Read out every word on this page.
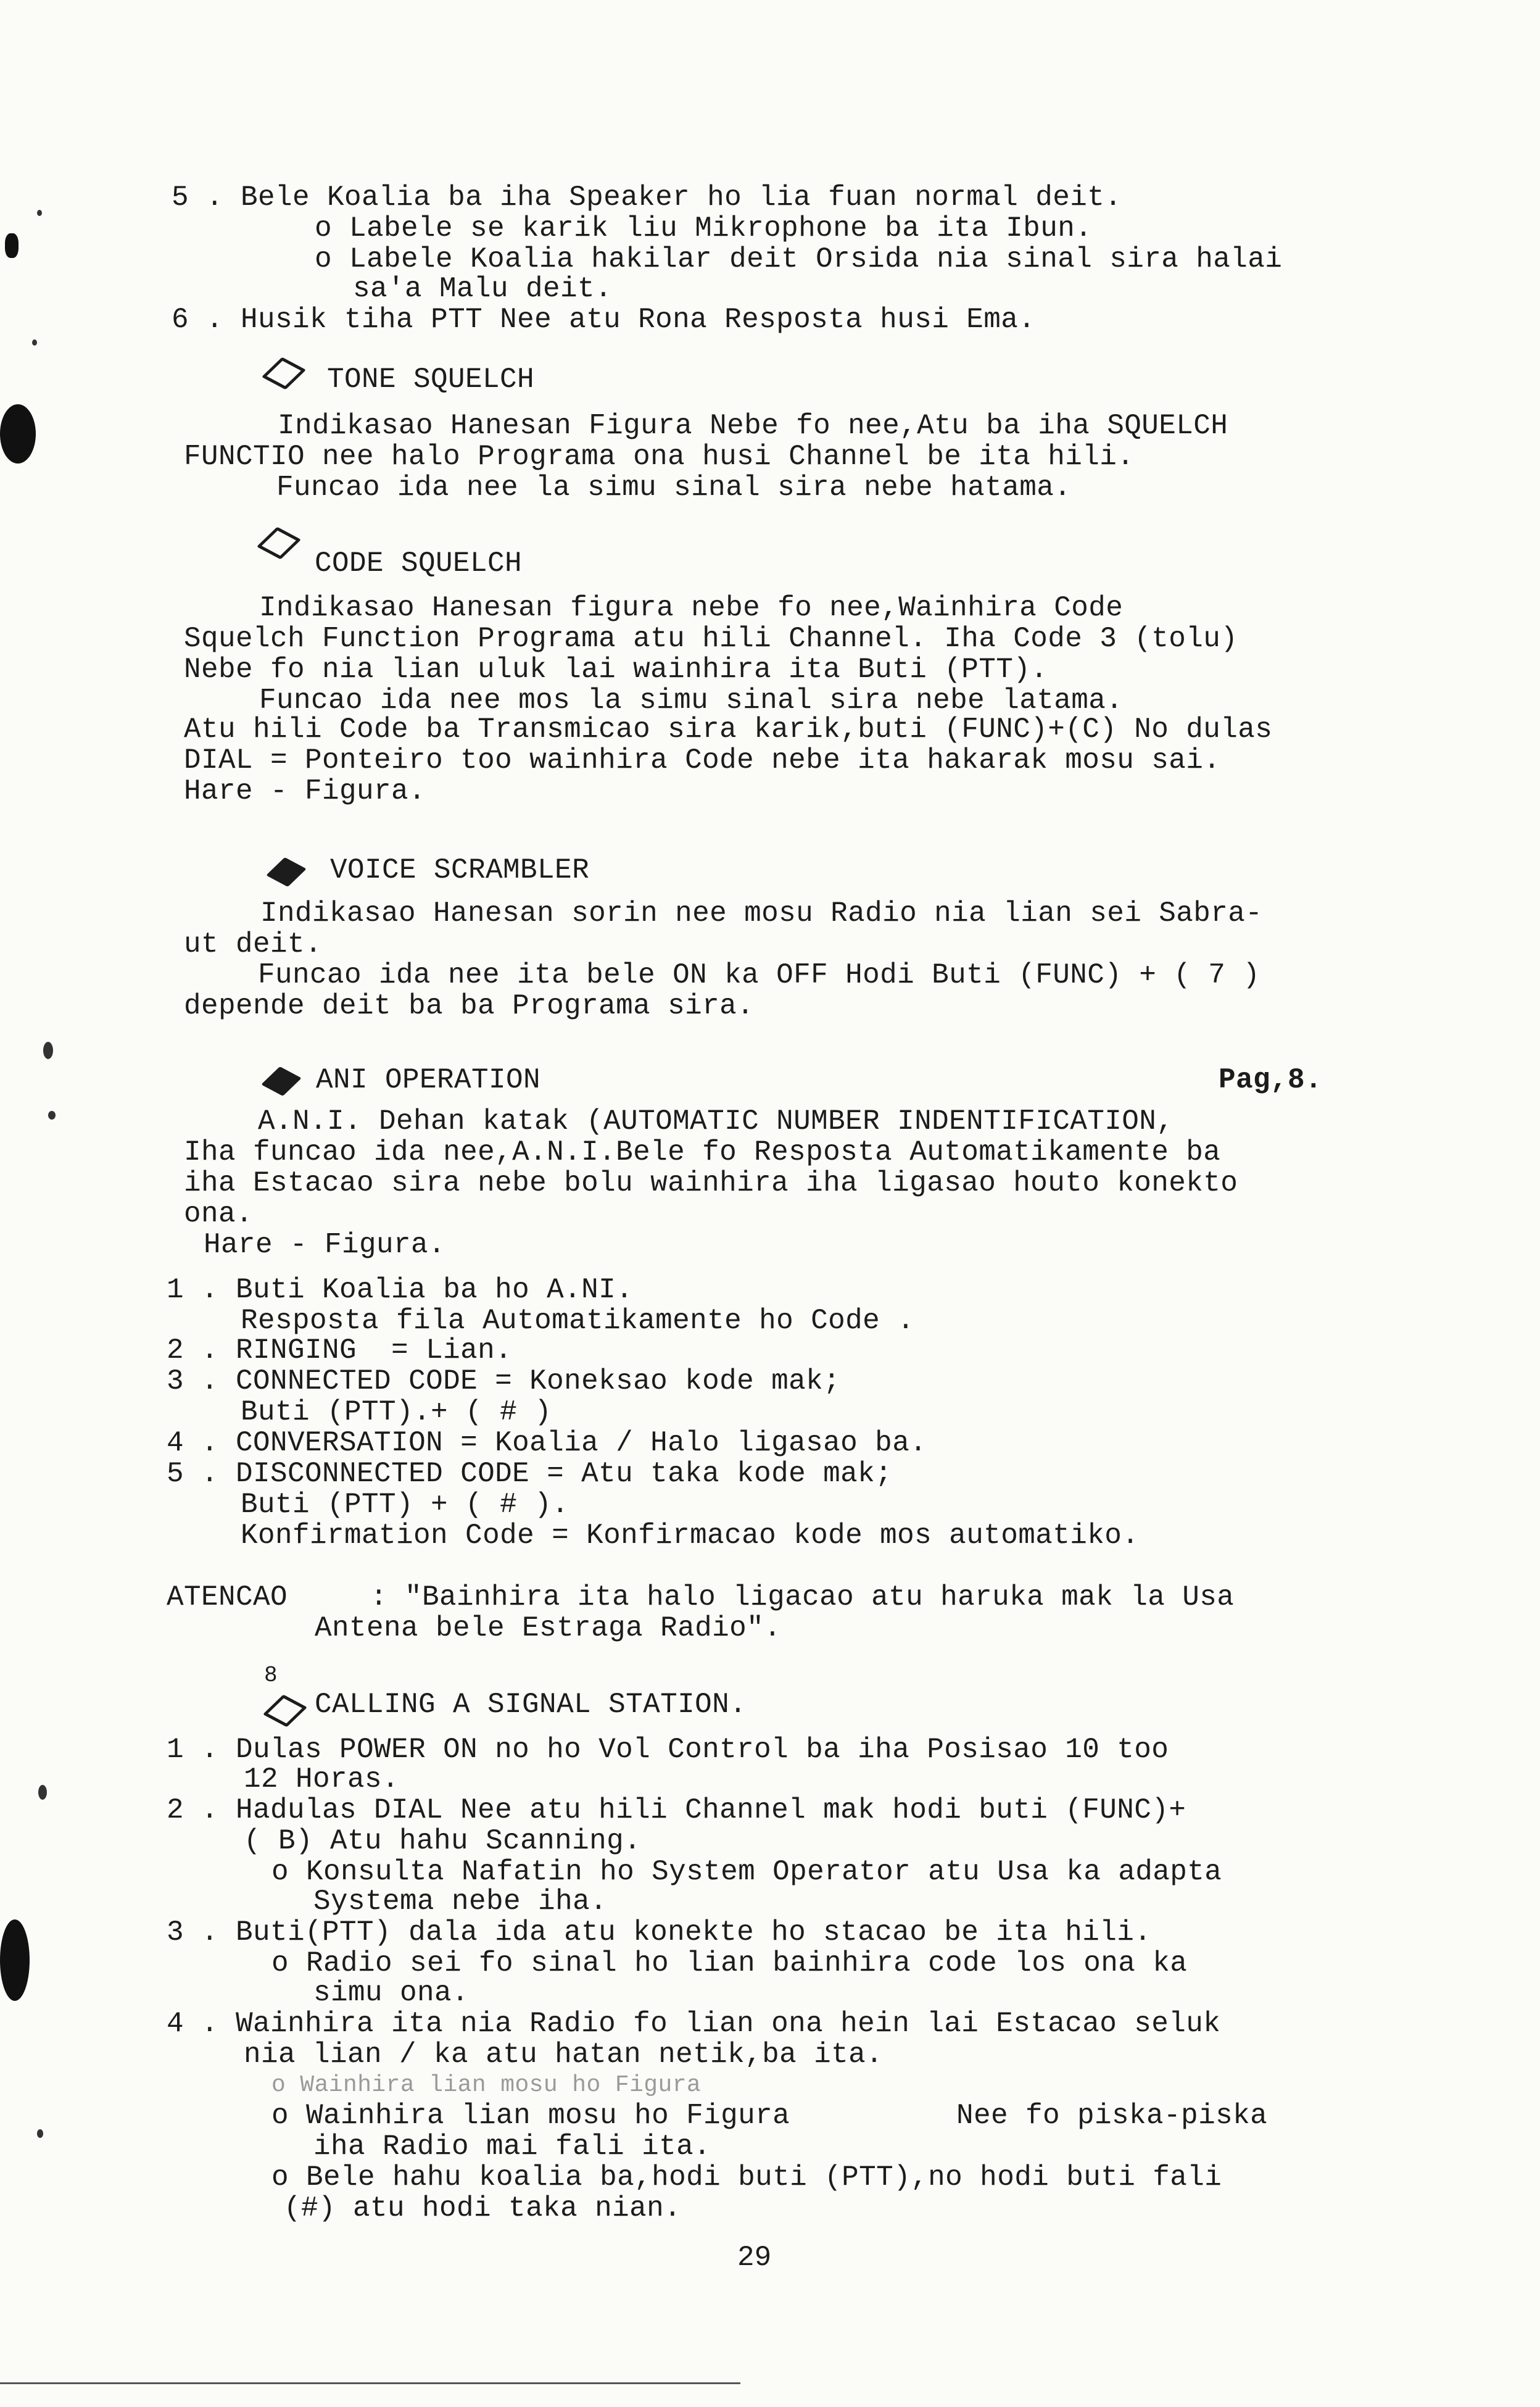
5 . Bele Koalia ba iha Speaker ho lia fuan normal deit.
o Labele se karik liu Mikrophone ba ita Ibun.
o Labele Koalia hakilar deit Orsida nia sinal sira halai
sa'a Malu deit.
6 . Husik tiha PTT Nee atu Rona Resposta husi Ema.
TONE SQUELCH
Indikasao Hanesan Figura Nebe fo nee,Atu ba iha SQUELCH
FUNCTIO nee halo Programa ona husi Channel be ita hili.
Funcao ida nee la simu sinal sira nebe hatama.
CODE SQUELCH
Indikasao Hanesan figura nebe fo nee,Wainhira Code
Squelch Function Programa atu hili Channel. Iha Code 3 (tolu)
Nebe fo nia lian uluk lai wainhira ita Buti (PTT).
Funcao ida nee mos la simu sinal sira nebe latama.
Atu hili Code ba Transmicao sira karik,buti (FUNC)+(C) No dulas
DIAL = Ponteiro too wainhira Code nebe ita hakarak mosu sai.
Hare - Figura.
VOICE SCRAMBLER
Indikasao Hanesan sorin nee mosu Radio nia lian sei Sabra-
ut deit.
Funcao ida nee ita bele ON ka OFF Hodi Buti (FUNC) + ( 7 )
depende deit ba ba Programa sira.
ANI OPERATION	Pag,8.
A.N.I. Dehan katak (AUTOMATIC NUMBER INDENTIFICATION,
Iha funcao ida nee,A.N.I.Bele fo Resposta Automatikamente ba
iha Estacao sira nebe bolu wainhira iha ligasao houto konekto
ona.
Hare - Figura.
1 . Buti Koalia ba ho A.NI.
Resposta fila Automatikamente ho Code .
2 . RINGING  = Lian.
3 . CONNECTED CODE = Koneksao kode mak;
Buti (PTT).+ ( # )
4 . CONVERSATION = Koalia / Halo ligasao ba.
5 . DISCONNECTED CODE = Atu taka kode mak;
Buti (PTT) + ( # ).
Konfirmation Code = Konfirmacao kode mos automatiko.
ATENCAO	: "Bainhira ita halo ligacao atu haruka mak la Usa
Antena bele Estraga Radio".
8
CALLING A SIGNAL STATION.
1 . Dulas POWER ON no ho Vol Control ba iha Posisao 10 too
12 Horas.
2 . Hadulas DIAL Nee atu hili Channel mak hodi buti (FUNC)+
( B) Atu hahu Scanning.
o Konsulta Nafatin ho System Operator atu Usa ka adapta
Systema nebe iha.
3 . Buti(PTT) dala ida atu konekte ho stacao be ita hili.
o Radio sei fo sinal ho lian bainhira code los ona ka
simu ona.
4 . Wainhira ita nia Radio fo lian ona hein lai Estacao seluk
nia lian / ka atu hatan netik,ba ita.
o Wainhira lian mosu ho Figura
o Wainhira lian mosu ho Figura	Nee fo piska-piska
iha Radio mai fali ita.
o Bele hahu koalia ba,hodi buti (PTT),no hodi buti fali
(#) atu hodi taka nian.
29
